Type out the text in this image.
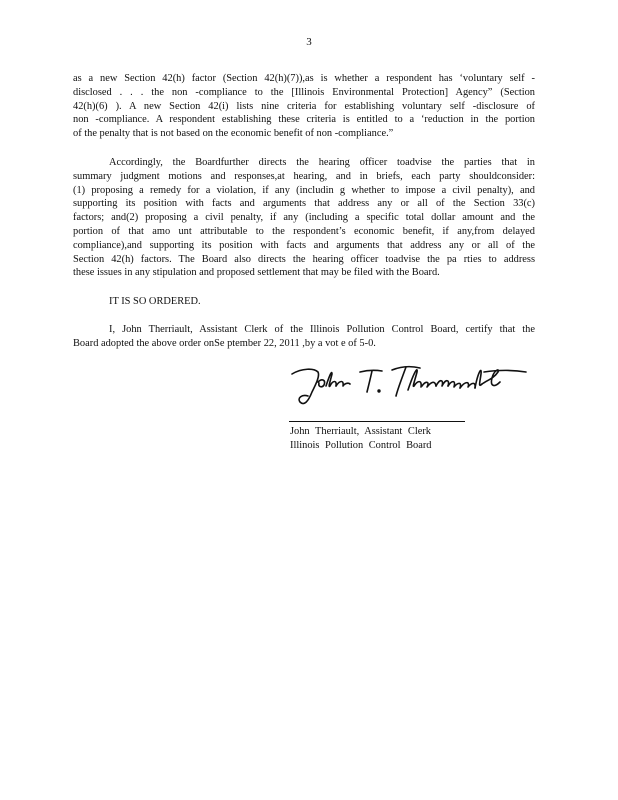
3
as a new Section 42(h) factor (Section 42(h)(7)),as is whether a respondent has ‘voluntary self -
disclosed . . . the non -compliance to the [Illinois Environmental Protection] Agency” (Section
42(h)(6) ). A new Section 42(i) lists nine criteria for establishing voluntary self -disclosure of
non -compliance. A respondent establishing these criteria is entitled to a ‘reduction in the portion
of the penalty that is not based on the economic benefit of non -compliance.”
Accordingly, the Boardfurther directs the hearing officer toadvise the parties that in
summary judgment motions and responses,at hearing, and in briefs, each party shouldconsider:
(1) proposing a remedy for a violation, if any (includin g whether to impose a civil penalty), and
supporting its position with facts and arguments that address any or all of the Section 33(c)
factors; and(2) proposing a civil penalty, if any (including a specific total dollar amount and the
portion of that amo unt attributable to the respondent’s economic benefit, if any,from delayed
compliance),and supporting its position with facts and arguments that address any or all of the
Section 42(h) factors. The Board also directs the hearing officer toadvise the pa rties to address
these issues in any stipulation and proposed settlement that may be filed with the Board.
IT IS SO ORDERED.
I, John Therriault, Assistant Clerk of the Illinois Pollution Control Board, certify that the
Board adopted the above order onSe ptember 22, 2011 ,by a vot e of 5-0.
John Therriault, Assistant Clerk
Illinois Pollution Control Board
